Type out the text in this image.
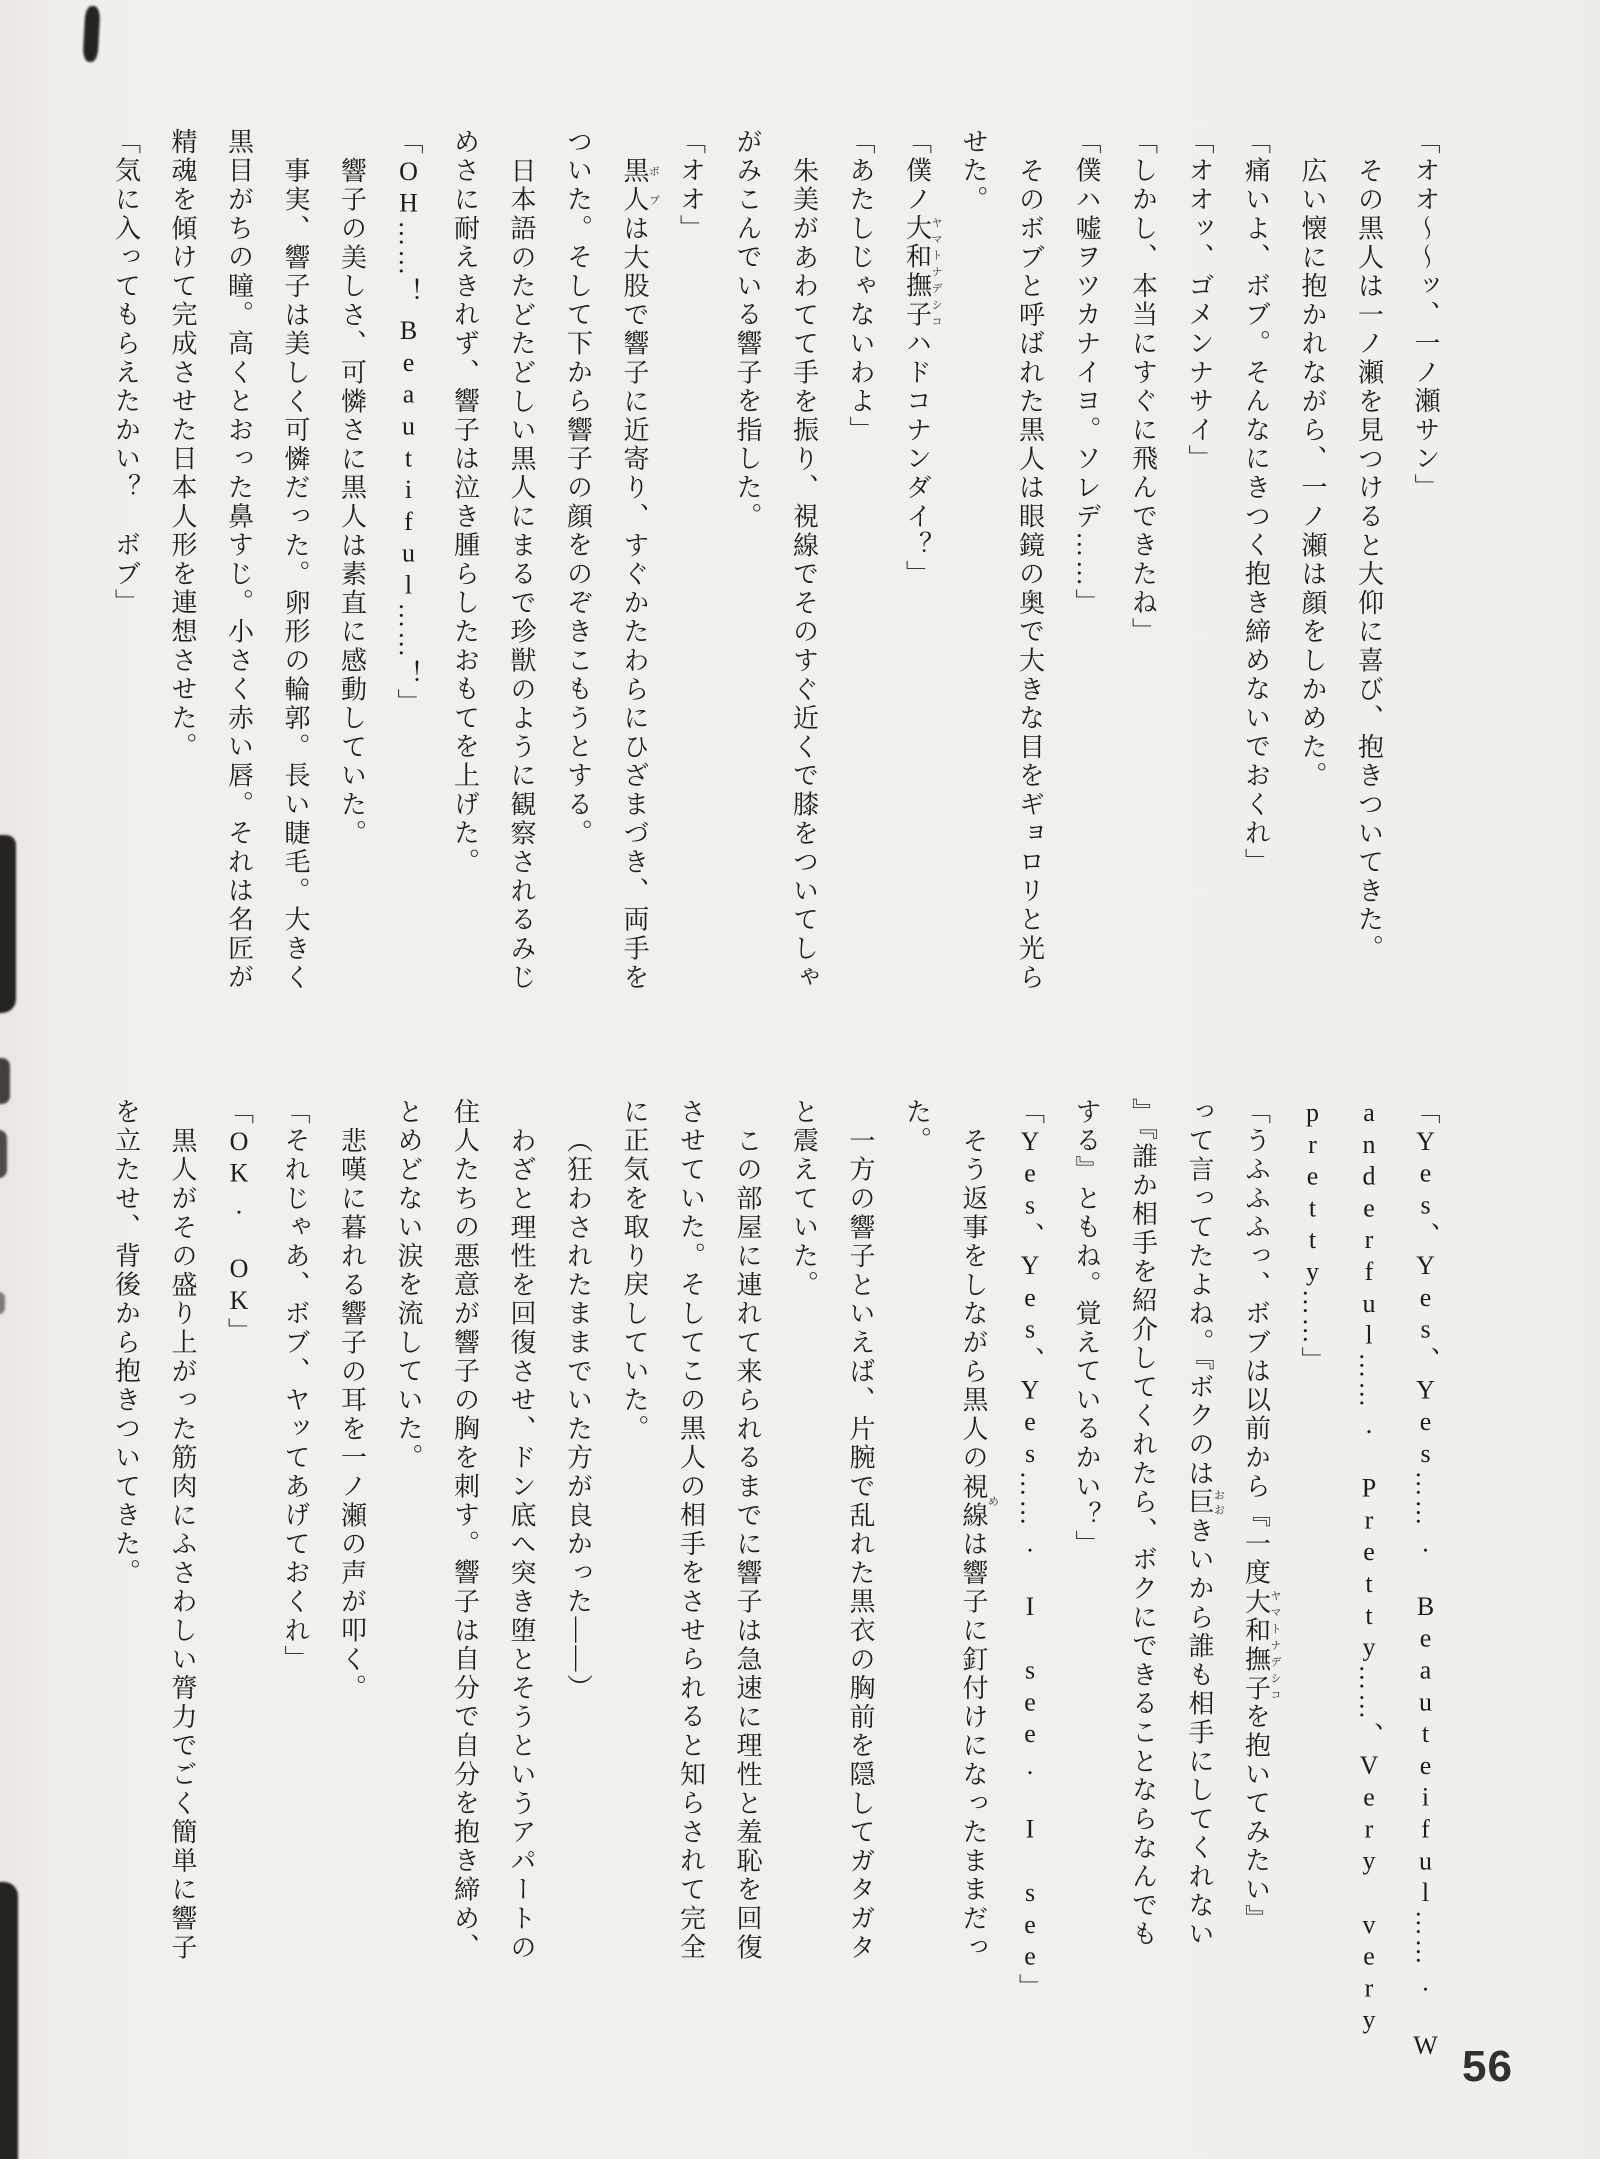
「オオ〜〜ッ、一ノ瀬サン」
その黒人は一ノ瀬を見つけると大仰に喜び、抱きついてきた。
広い懐に抱かれながら、一ノ瀬は顔をしかめた。
「痛いよ、ボブ。そんなにきつく抱き締めないでおくれ」
「オオッ、ゴメンナサイ」
「しかし、本当にすぐに飛んできたね」
「僕ハ嘘ヲツカナイヨ。ソレデ……」
そのボブと呼ばれた黒人は眼鏡の奥で大きな目をギョロリと光ら
せた。
「僕ノ大和撫子ヤマトナデシコハドコナンダイ？」
「あたしじゃないわよ」
朱美があわてて手を振り、視線でそのすぐ近くで膝をついてしゃ
がみこんでいる響子を指した。
「オオ」
黒人ボブは大股で響子に近寄り、すぐかたわらにひざまづき、両手を
ついた。そして下から響子の顔をのぞきこもうとする。
日本語のたどたどしい黒人にまるで珍獣のように観察されるみじ
めさに耐えきれず、響子は泣き腫らしたおもてを上げた。
「OH……！ Beautiful……！」
響子の美しさ、可憐さに黒人は素直に感動していた。
事実、響子は美しく可憐だった。卵形の輪郭。長い睫毛。大きく
黒目がちの瞳。高くとおった鼻すじ。小さく赤い唇。それは名匠が
精魂を傾けて完成させた日本人形を連想させた。
「気に入ってもらえたかい？　ボブ」
「Yes、Yes、Yes……. Beauteiful……. W
anderful……. Pretty……、Very very
pretty……」
「うふふふっ、ボブは以前から『一度大和撫子ヤマトナデシコを抱いてみたい』
って言ってたよね。『ボクのは巨おおきいから誰も相手にしてくれない
』『誰か相手を紹介してくれたら、ボクにできることならなんでも
する』ともね。覚えているかい？」
「Yes、Yes、Yes……. I see. I see」
そう返事をしながら黒人の視線めは響子に釘付けになったままだっ
た。
一方の響子といえば、片腕で乱れた黒衣の胸前を隠してガタガタ
と震えていた。
この部屋に連れて来られるまでに響子は急速に理性と羞恥を回復
させていた。そしてこの黒人の相手をさせられると知らされて完全
に正気を取り戻していた。
（狂わされたままでいた方が良かった——）
わざと理性を回復させ、ドン底へ突き堕とそうというアパートの
住人たちの悪意が響子の胸を刺す。響子は自分で自分を抱き締め、
とめどない涙を流していた。
悲嘆に暮れる響子の耳を一ノ瀬の声が叩く。
「それじゃあ、ボブ、ヤッてあげておくれ」
「OK. OK」
黒人がその盛り上がった筋肉にふさわしい膂力でごく簡単に響子
を立たせ、背後から抱きついてきた。
56
